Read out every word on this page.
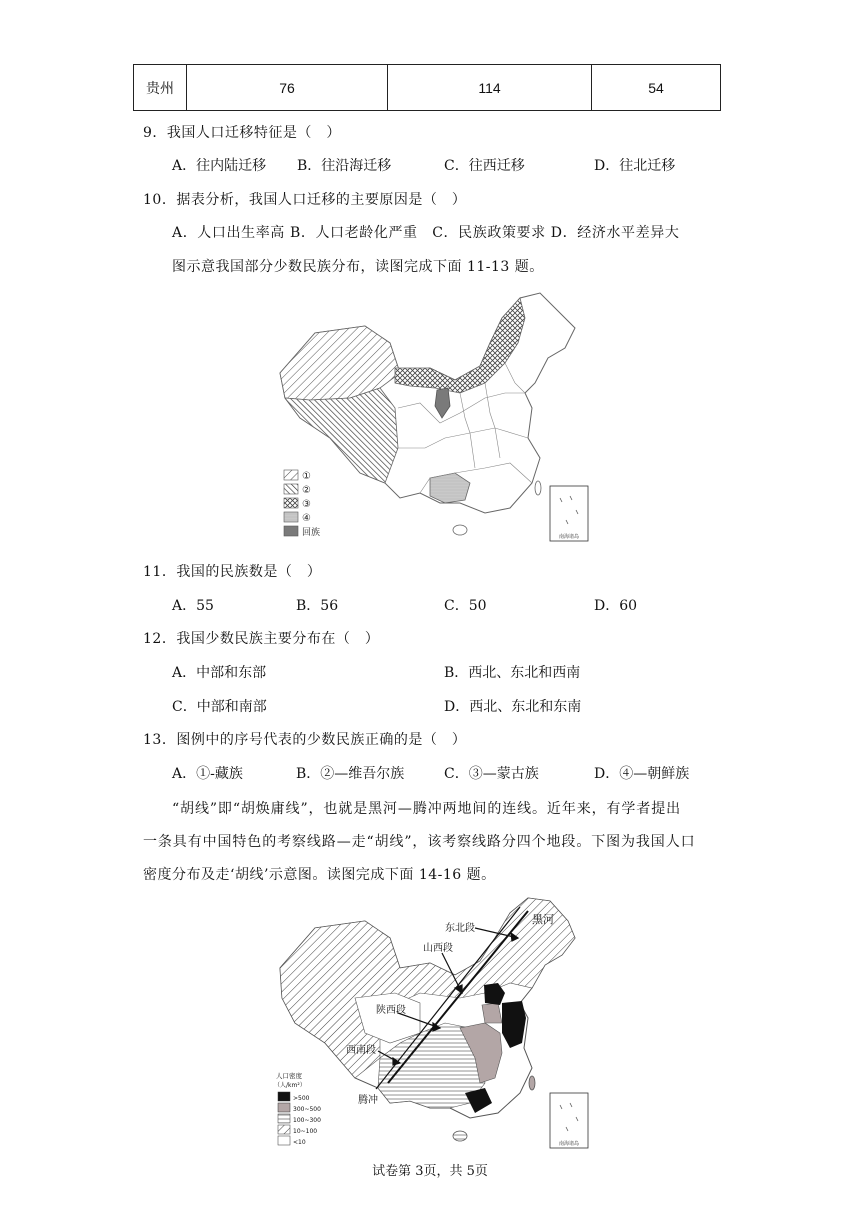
贵州	76	114	54
9．我国人口迁移特征是（　）
A．往内陆迁移 B．往沿海迁移	C．往西迁移	D．往北迁移
10．据表分析，我国人口迁移的主要原因是（　）
A．人口出生率高 B．人口老龄化严重　C．民族政策要求 D．经济水平差异大
图示意我国部分少数民族分布，读图完成下面 11-13 题。
南海诸岛
①
②
③
④
回族
11．我国的民族数是（　）
A．55	B．56	C．50	D．60
12．我国少数民族主要分布在（　）
A．中部和东部	B．西北、东北和西南
C．中部和南部	D．西北、东北和东南
13．图例中的序号代表的少数民族正确的是（　）
A．①-藏族	B．②—维吾尔族	C．③—蒙古族	D．④—朝鲜族
“胡线”即“胡焕庸线”，也就是黑河—腾冲两地间的连线。近年来，有学者提出
一条具有中国特色的考察线路—走“胡线”，该考察线路分四个地段。下图为我国人口
密度分布及走‘胡线’示意图。读图完成下面 14-16 题。
黑河
东北段
山西段
陕西段
西南段
腾冲
南海诸岛
人口密度
（人/km²）
>500
300~500
100~300
10~100
<10
试卷第 3页，共 5页
